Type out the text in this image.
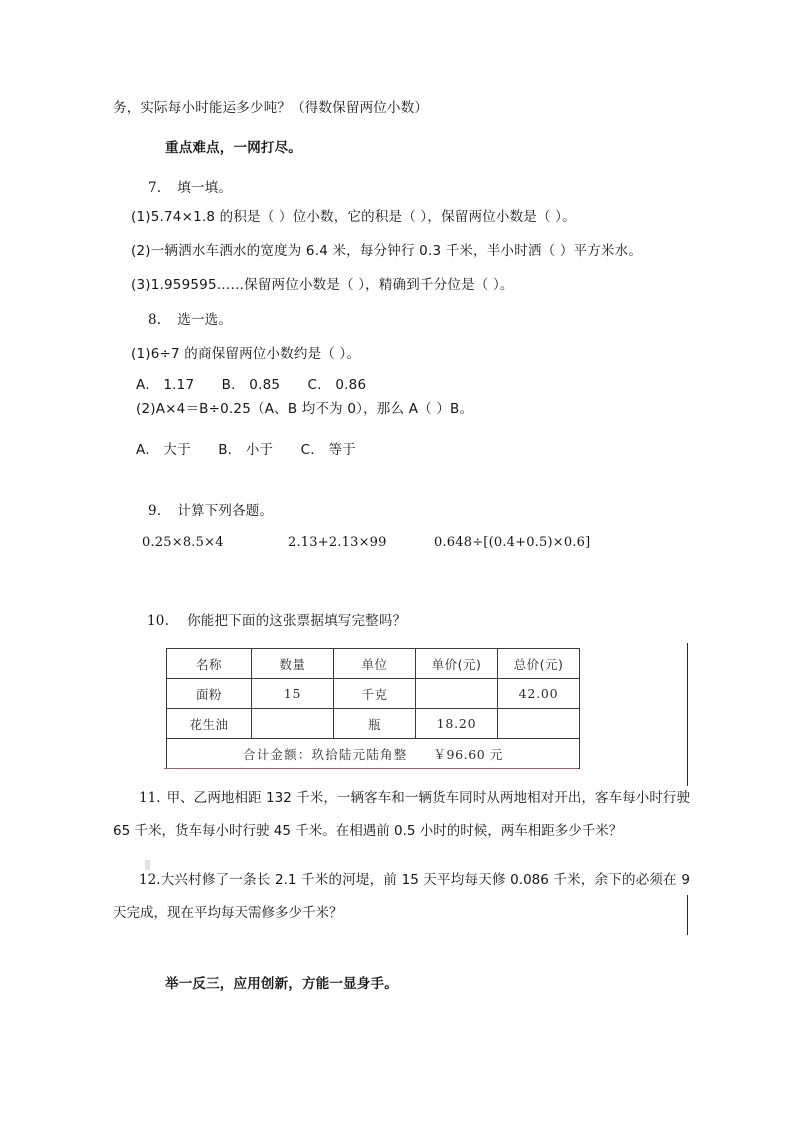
务，实际每小时能运多少吨？（得数保留两位小数）
重点难点，一网打尽。
7. 填一填。
(1)5.74×1.8 的积是（ ）位小数，它的积是（ ），保留两位小数是（ ）。
(2)一辆洒水车洒水的宽度为 6.4 米，每分钟行 0.3 千米，半小时洒（ ）平方米水。
(3)1.959595……保留两位小数是（ ），精确到千分位是（ ）。
8. 选一选。
(1)6÷7 的商保留两位小数约是（ ）。
A.　1.17　　B.　0.85　　C.　0.86
(2)A×4＝B÷0.25（A、B 均不为 0），那么 A（ ）B。
A.　大于　　B.　小于　　C.　等于
9. 计算下列各题。
0.25×8.5×4	2.13+2.13×99	0.648÷[(0.4+0.5)×0.6]
10. 你能把下面的这张票据填写完整吗？
名称	数量	单位	单价(元)	总价(元)
面粉	15	千克		42.00
花生油		瓶	18.20	
合计金额：玖拾陆元陆角整 ￥96.60 元				
11. 甲、乙两地相距 132 千米，一辆客车和一辆货车同时从两地相对开出，客车每小时行驶 65 千米，货车每小时行驶 45 千米。在相遇前 0.5 小时的时候，两车相距多少千米？
12.大兴村修了一条长 2.1 千米的河堤，前 15 天平均每天修 0.086 千米，余下的必须在 9 天完成，现在平均每天需修多少千米？
举一反三，应用创新，方能一显身手。
